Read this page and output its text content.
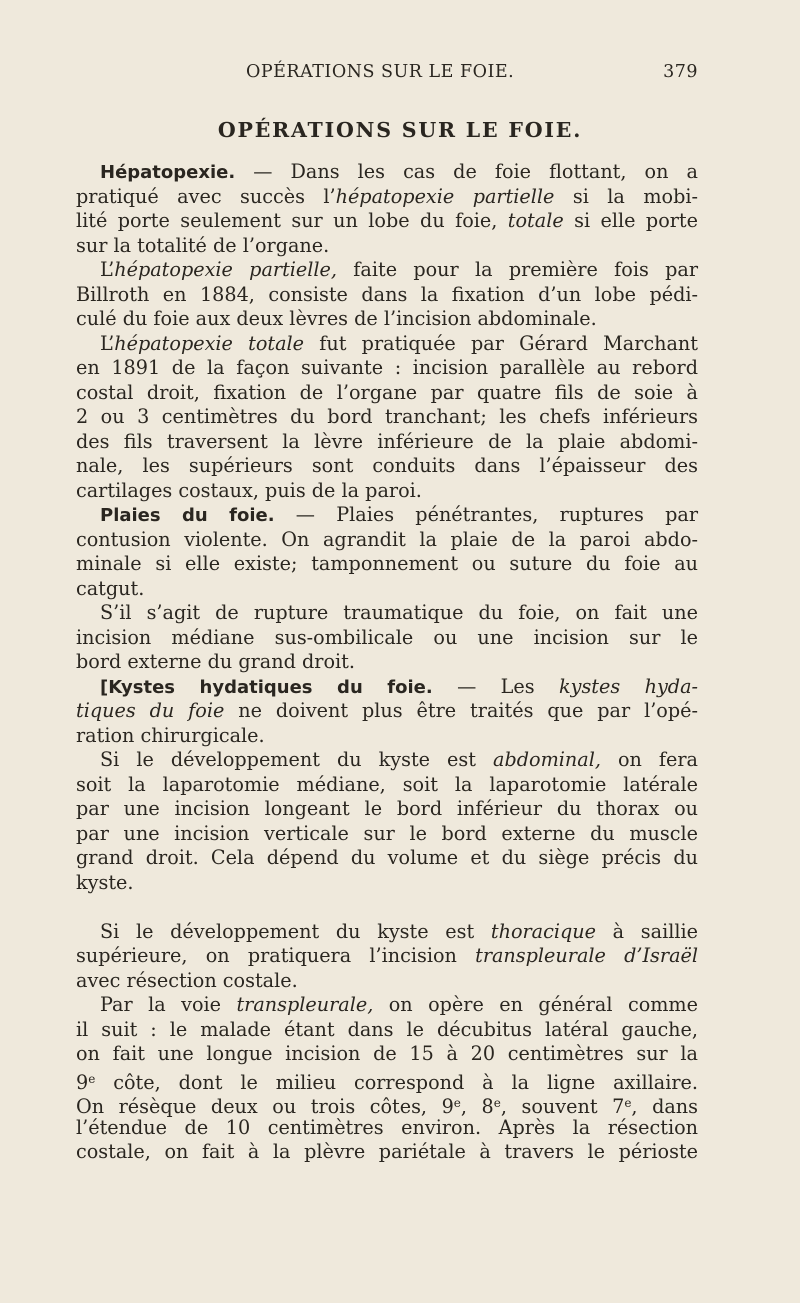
OPÉRATIONS SUR LE FOIE.	379
OPÉRATIONS SUR LE FOIE.
Hépatopexie. — Dans les cas de foie flottant, on a
pratiqué avec succès l’hépatopexie partielle si la mobi-
lité porte seulement sur un lobe du foie, totale si elle porte
sur la totalité de l’organe.
L’hépatopexie partielle, faite pour la première fois par
Billroth en 1884, consiste dans la fixation d’un lobe pédi-
culé du foie aux deux lèvres de l’incision abdominale.
L’hépatopexie totale fut pratiquée par Gérard Marchant
en 1891 de la façon suivante : incision parallèle au rebord
costal droit, fixation de l’organe par quatre fils de soie à
2 ou 3 centimètres du bord tranchant; les chefs inférieurs
des fils traversent la lèvre inférieure de la plaie abdomi-
nale, les supérieurs sont conduits dans l’épaisseur des
cartilages costaux, puis de la paroi.
Plaies du foie. — Plaies pénétrantes, ruptures par
contusion violente. On agrandit la plaie de la paroi abdo-
minale si elle existe; tamponnement ou suture du foie au
catgut.
S’il s’agit de rupture traumatique du foie, on fait une
incision médiane sus-ombilicale ou une incision sur le
bord externe du grand droit.
[Kystes hydatiques du foie. — Les kystes hyda-
tiques du foie ne doivent plus être traités que par l’opé-
ration chirurgicale.
Si le développement du kyste est abdominal, on fera
soit la laparotomie médiane, soit la laparotomie latérale
par une incision longeant le bord inférieur du thorax ou
par une incision verticale sur le bord externe du muscle
grand droit. Cela dépend du volume et du siège précis du
kyste.
Si le développement du kyste est thoracique à saillie
supérieure, on pratiquera l’incision transpleurale d’Israël
avec résection costale.
Par la voie transpleurale, on opère en général comme
il suit : le malade étant dans le décubitus latéral gauche,
on fait une longue incision de 15 à 20 centimètres sur la
9e côte, dont le milieu correspond à la ligne axillaire.
On résèque deux ou trois côtes, 9e, 8e, souvent 7e, dans
l’étendue de 10 centimètres environ. Après la résection
costale, on fait à la plèvre pariétale à travers le périoste
